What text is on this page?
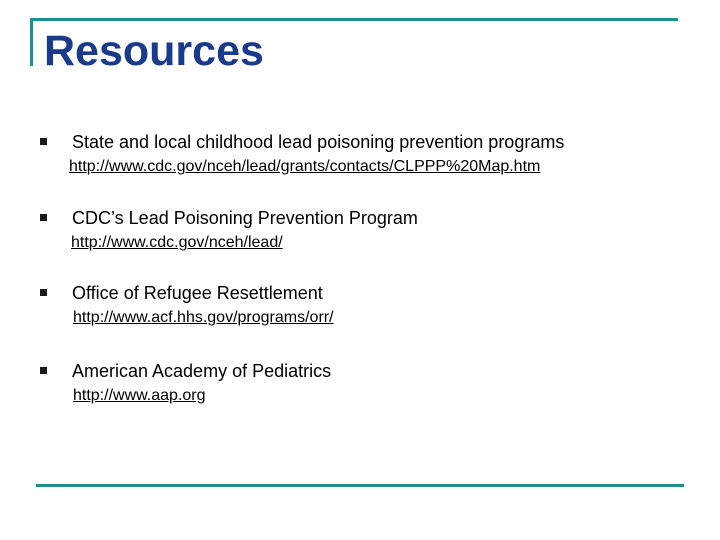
Resources
State and local childhood lead poisoning prevention programs
http://www.cdc.gov/nceh/lead/grants/contacts/CLPPP%20Map.htm
CDC’s Lead Poisoning Prevention Program
http://www.cdc.gov/nceh/lead/
Office of Refugee Resettlement
http://www.acf.hhs.gov/programs/orr/
American Academy of Pediatrics
http://www.aap.org
